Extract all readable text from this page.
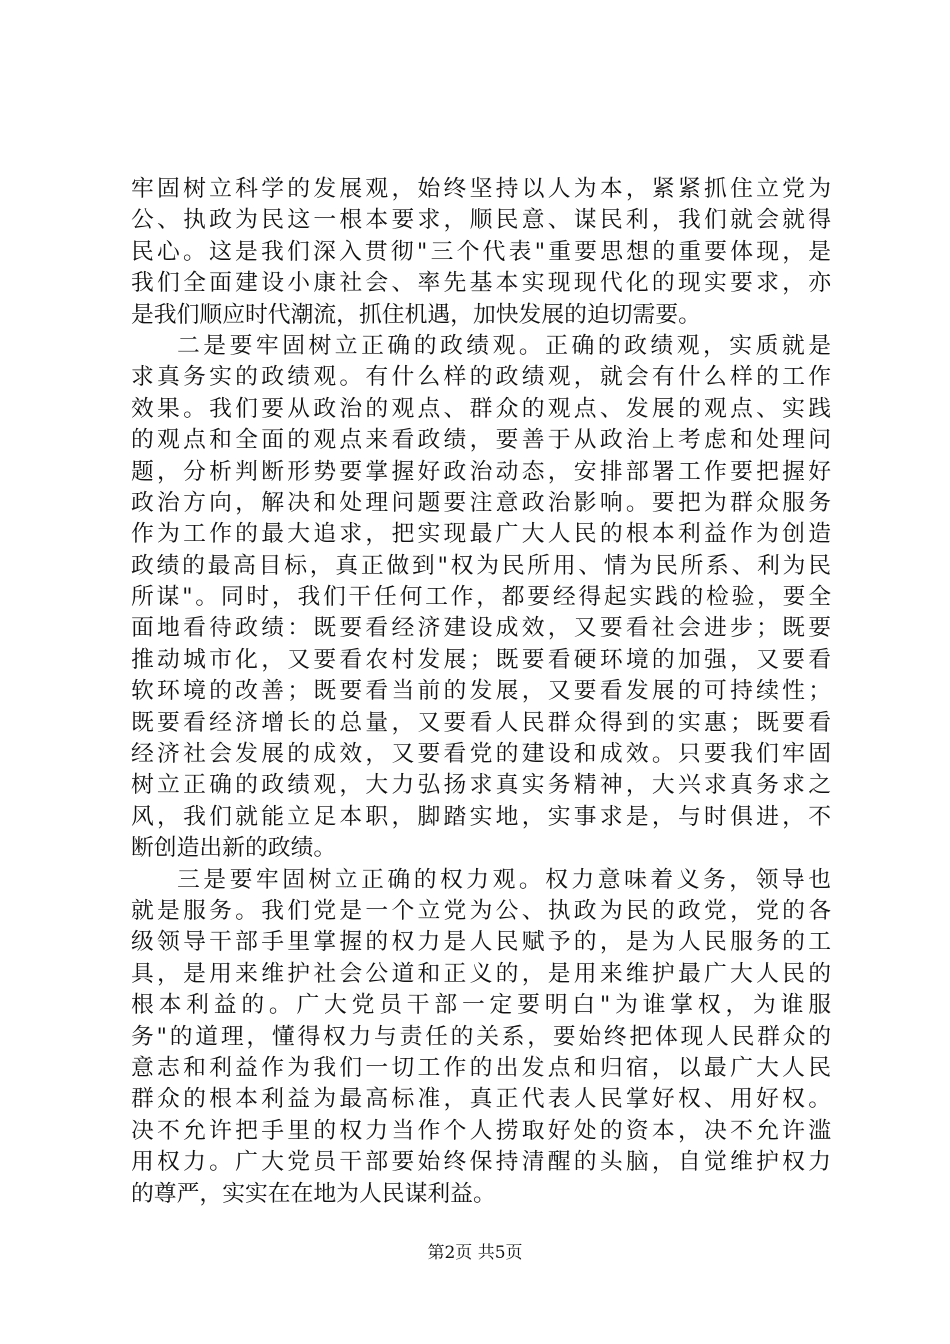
牢固树立科学的发展观，始终坚持以人为本，紧紧抓住立党为
公、执政为民这一根本要求，顺民意、谋民利，我们就会就得
民心。这是我们深入贯彻"三个代表"重要思想的重要体现，是
我们全面建设小康社会、率先基本实现现代化的现实要求，亦
是我们顺应时代潮流，抓住机遇，加快发展的迫切需要。
二是要牢固树立正确的政绩观。正确的政绩观，实质就是
求真务实的政绩观。有什么样的政绩观，就会有什么样的工作
效果。我们要从政治的观点、群众的观点、发展的观点、实践
的观点和全面的观点来看政绩，要善于从政治上考虑和处理问
题，分析判断形势要掌握好政治动态，安排部署工作要把握好
政治方向，解决和处理问题要注意政治影响。要把为群众服务
作为工作的最大追求，把实现最广大人民的根本利益作为创造
政绩的最高目标，真正做到"权为民所用、情为民所系、利为民
所谋"。同时，我们干任何工作，都要经得起实践的检验，要全
面地看待政绩：既要看经济建设成效，又要看社会进步；既要
推动城市化，又要看农村发展；既要看硬环境的加强，又要看
软环境的改善；既要看当前的发展，又要看发展的可持续性；
既要看经济增长的总量，又要看人民群众得到的实惠；既要看
经济社会发展的成效，又要看党的建设和成效。只要我们牢固
树立正确的政绩观，大力弘扬求真实务精神，大兴求真务求之
风，我们就能立足本职，脚踏实地，实事求是，与时俱进，不
断创造出新的政绩。
三是要牢固树立正确的权力观。权力意味着义务，领导也
就是服务。我们党是一个立党为公、执政为民的政党，党的各
级领导干部手里掌握的权力是人民赋予的，是为人民服务的工
具，是用来维护社会公道和正义的，是用来维护最广大人民的
根本利益的。广大党员干部一定要明白"为谁掌权，为谁服
务"的道理，懂得权力与责任的关系，要始终把体现人民群众的
意志和利益作为我们一切工作的出发点和归宿，以最广大人民
群众的根本利益为最高标准，真正代表人民掌好权、用好权。
决不允许把手里的权力当作个人捞取好处的资本，决不允许滥
用权力。广大党员干部要始终保持清醒的头脑，自觉维护权力
的尊严，实实在在地为人民谋利益。
第2页 共5页
